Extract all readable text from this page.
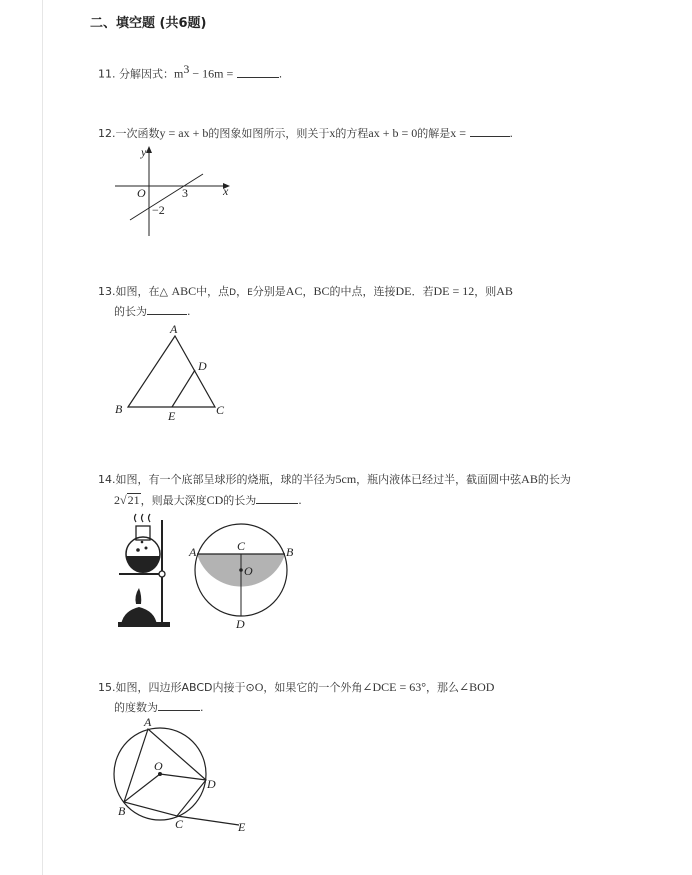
二、填空题 (共6题)
11. 分解因式：$m^3 - 16m$ =	.
12.一次函数y = ax + b的图象如图所示，则关于x的方程ax + b = 0的解是x =	.
y
x
O	3
−2
13.如图，在△ ABC中，点D，E分别是AC，BC的中点，连接DE．若DE = 12，则AB
的长为	.
A
B	C
D
E
14.如图，有一个底部呈球形的烧瓶，球的半径为5cm，瓶内液体已经过半，截面圆中弦AB的长为
2√21，则最大深度CD的长为	.
A	B
C
D
O
15.如图，四边形ABCD内接于⊙O，如果它的一个外角∠DCE = 63°，那么∠BOD
的度数为	.
A
B
C
D
E
O
